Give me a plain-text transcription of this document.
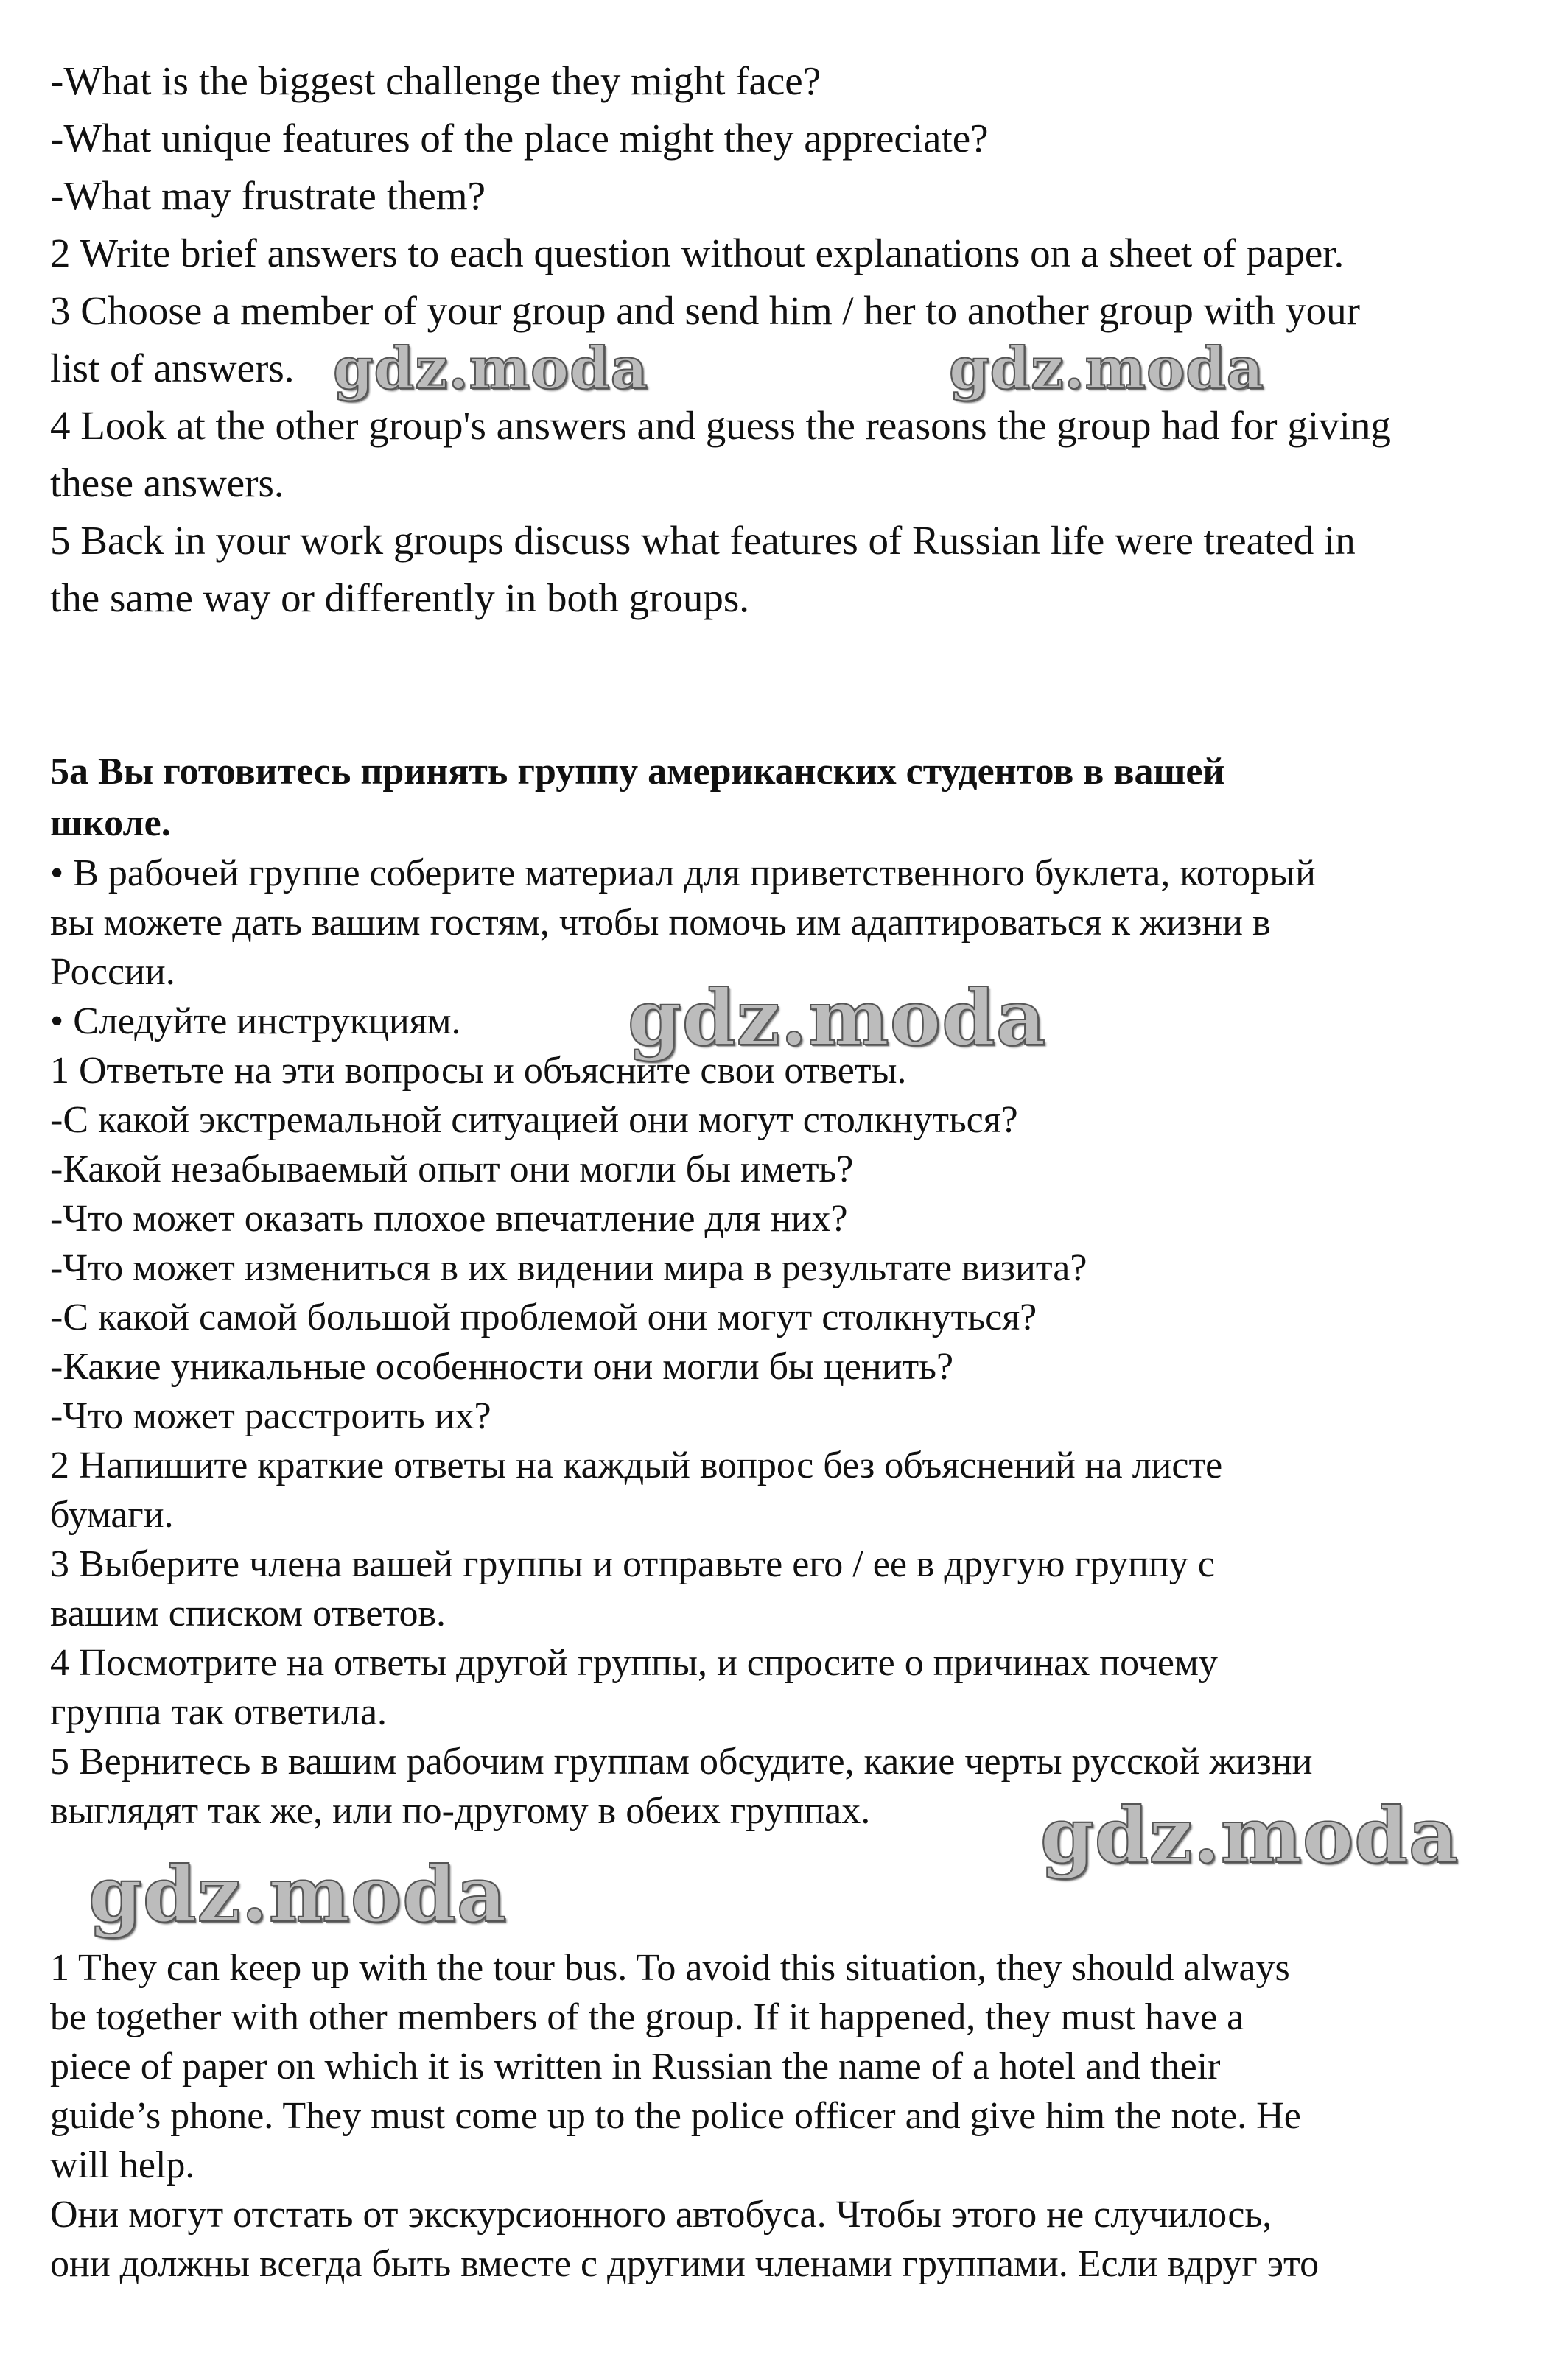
-What is the biggest challenge they might face?
-What unique features of the place might they appreciate?
-What may frustrate them?
2 Write brief answers to each question without explanations on a sheet of paper.
3 Choose a member of your group and send him / her to another group with your
list of answers.
4 Look at the other group's answers and guess the reasons the group had for giving
these answers.
5 Back in your work groups discuss what features of Russian life were treated in
the same way or differently in both groups.
5а Вы готовитесь принять группу американских студентов в вашей
школе.
• В рабочей группе соберите материал для приветственного буклета, который
вы можете дать вашим гостям, чтобы помочь им адаптироваться к жизни в
России.
• Следуйте инструкциям.
1 Ответьте на эти вопросы и объясните свои ответы.
-С какой экстремальной ситуацией они могут столкнуться?
-Какой незабываемый опыт они могли бы иметь?
-Что может оказать плохое впечатление для них?
-Что может измениться в их видении мира в результате визита?
-С какой самой большой проблемой они могут столкнуться?
-Какие уникальные особенности они могли бы ценить?
-Что может расстроить их?
2 Напишите краткие ответы на каждый вопрос без объяснений на листе
бумаги.
3 Выберите члена вашей группы и отправьте его / ее в другую группу с
вашим списком ответов.
4 Посмотрите на ответы другой группы, и спросите о причинах почему
группа так ответила.
5 Вернитесь в вашим рабочим группам обсудите, какие черты русской жизни
выглядят так же, или по-другому в обеих группах.
1 They can keep up with the tour bus. To avoid this situation, they should always
be together with other members of the group. If it happened, they must have a
piece of paper on which it is written in Russian the name of a hotel and their
guide’s phone. They must come up to the police officer and give him the note. He
will help.
Они могут отстать от экскурсионного автобуса. Чтобы этого не случилось,
они должны всегда быть вместе с другими членами группами. Если вдруг это
gdz.moda	gdz.moda
gdz.moda
gdz.moda
gdz.moda
